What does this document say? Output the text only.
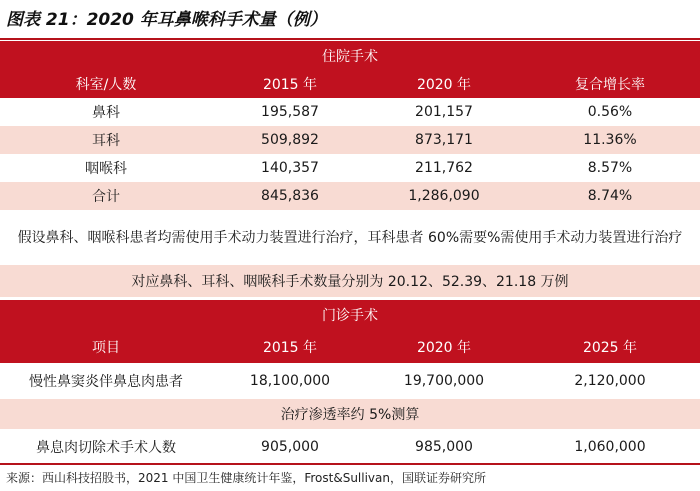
图表 21：2020 年耳鼻喉科手术量（例）
住院手术
科室/人数	2015 年	2020 年	复合增长率
鼻科	195,587	201,157	0.56%
耳科	509,892	873,171	11.36%
咽喉科	140,357	211,762	8.57%
合计	845,836	1,286,090	8.74%
假设鼻科、咽喉科患者均需使用手术动力装置进行治疗，耳科患者 60%需要%需使用手术动力装置进行治疗
对应鼻科、耳科、咽喉科手术数量分别为 20.12、52.39、21.18 万例
门诊手术
项目	2015 年	2020 年	2025 年
慢性鼻窦炎伴鼻息肉患者	18,100,000	19,700,000	2,120,000
治疗渗透率约 5%测算
鼻息肉切除术手术人数	905,000	985,000	1,060,000
来源：西山科技招股书，2021 中国卫生健康统计年鉴，Frost&Sullivan，国联证券研究所
